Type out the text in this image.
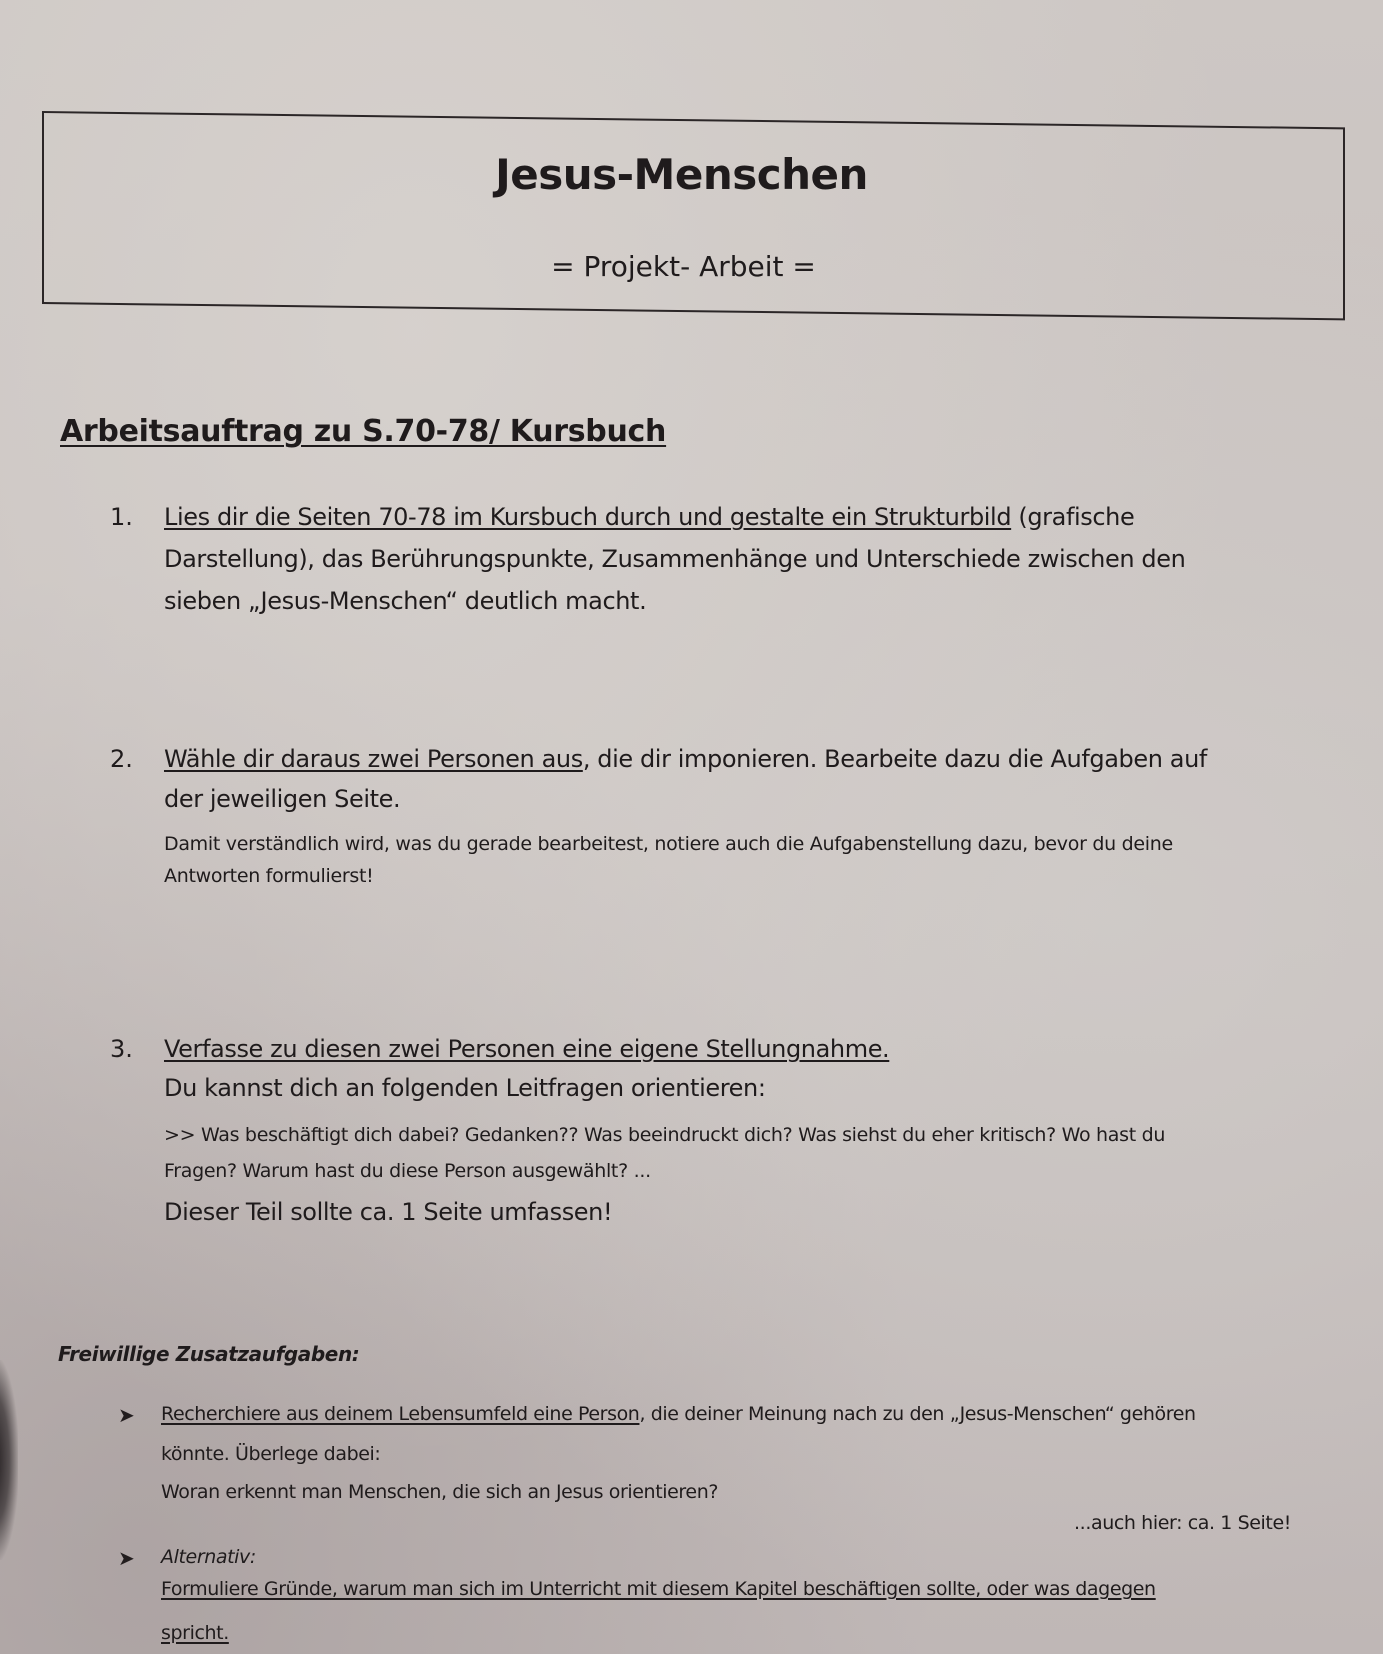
Jesus-Menschen
= Projekt- Arbeit =
Arbeitsauftrag zu S.70-78/ Kursbuch
1. Lies dir die Seiten 70-78 im Kursbuch durch und gestalte ein Strukturbild (grafische
Darstellung), das Berührungspunkte, Zusammenhänge und Unterschiede zwischen den
sieben „Jesus-Menschen“ deutlich macht.
2. Wähle dir daraus zwei Personen aus, die dir imponieren. Bearbeite dazu die Aufgaben auf
der jeweiligen Seite.
Damit verständlich wird, was du gerade bearbeitest, notiere auch die Aufgabenstellung dazu, bevor du deine
Antworten formulierst!
3. Verfasse zu diesen zwei Personen eine eigene Stellungnahme.
Du kannst dich an folgenden Leitfragen orientieren:
>> Was beschäftigt dich dabei? Gedanken?? Was beeindruckt dich? Was siehst du eher kritisch? Wo hast du
Fragen? Warum hast du diese Person ausgewählt? ...
Dieser Teil sollte ca. 1 Seite umfassen!
Freiwillige Zusatzaufgaben:
➤ Recherchiere aus deinem Lebensumfeld eine Person, die deiner Meinung nach zu den „Jesus-Menschen“ gehören
könnte. Überlege dabei:
Woran erkennt man Menschen, die sich an Jesus orientieren?
...auch hier: ca. 1 Seite!
➤ Alternativ:
Formuliere Gründe, warum man sich im Unterricht mit diesem Kapitel beschäftigen sollte, oder was dagegen
spricht.
